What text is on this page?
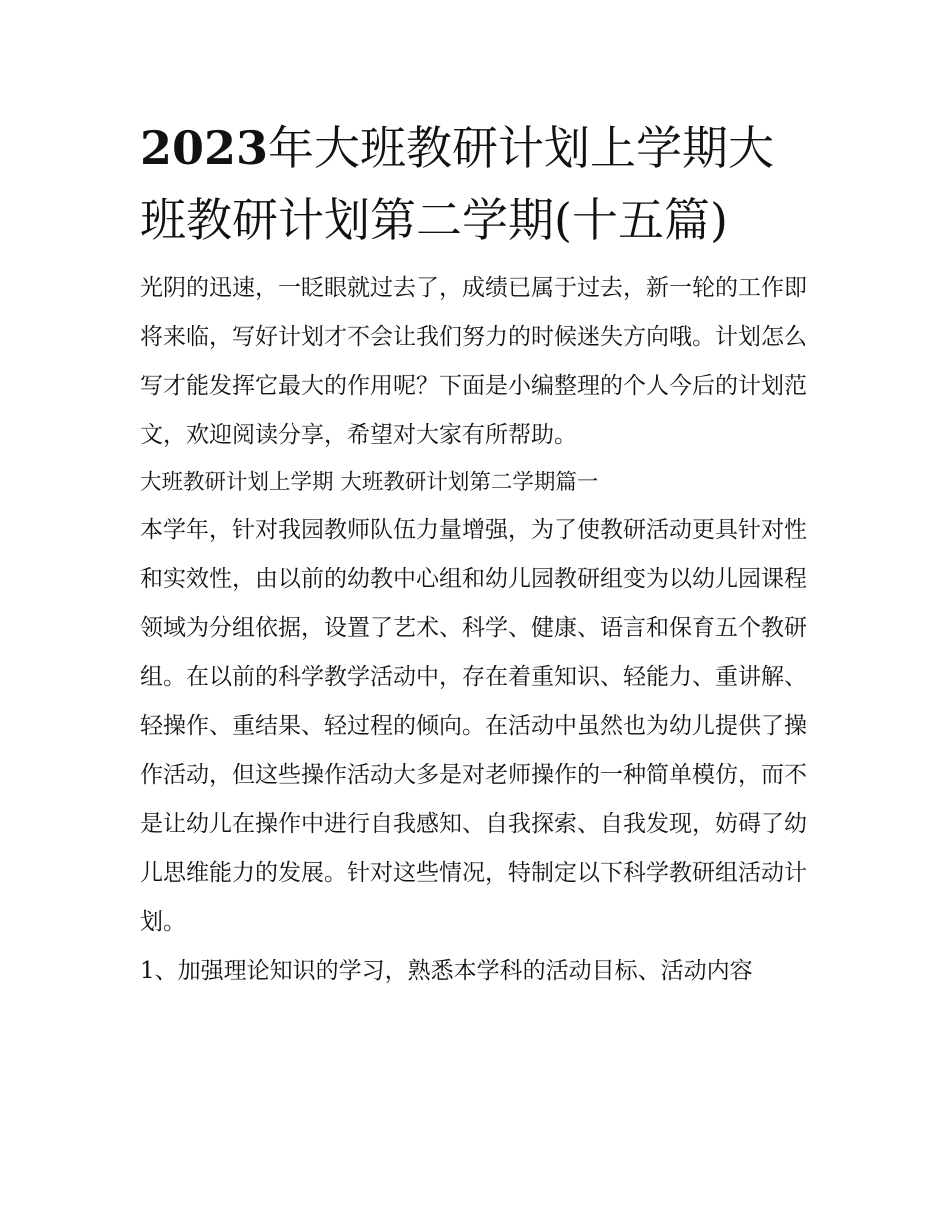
2023年大班教研计划上学期大班教研计划第二学期(十五篇)

光阴的迅速，一眨眼就过去了，成绩已属于过去，新一轮的工作即将来临，写好计划才不会让我们努力的时候迷失方向哦。计划怎么写才能发挥它最大的作用呢？下面是小编整理的个人今后的计划范文，欢迎阅读分享，希望对大家有所帮助。

大班教研计划上学期 大班教研计划第二学期篇一

本学年，针对我园教师队伍力量增强，为了使教研活动更具针对性和实效性，由以前的幼教中心组和幼儿园教研组变为以幼儿园课程领域为分组依据，设置了艺术、科学、健康、语言和保育五个教研组。在以前的科学教学活动中，存在着重知识、轻能力、重讲解、轻操作、重结果、轻过程的倾向。在活动中虽然也为幼儿提供了操作活动，但这些操作活动大多是对老师操作的一种简单模仿，而不是让幼儿在操作中进行自我感知、自我探索、自我发现，妨碍了幼儿思维能力的发展。针对这些情况，特制定以下科学教研组活动计划。

1、加强理论知识的学习，熟悉本学科的活动目标、活动内容
